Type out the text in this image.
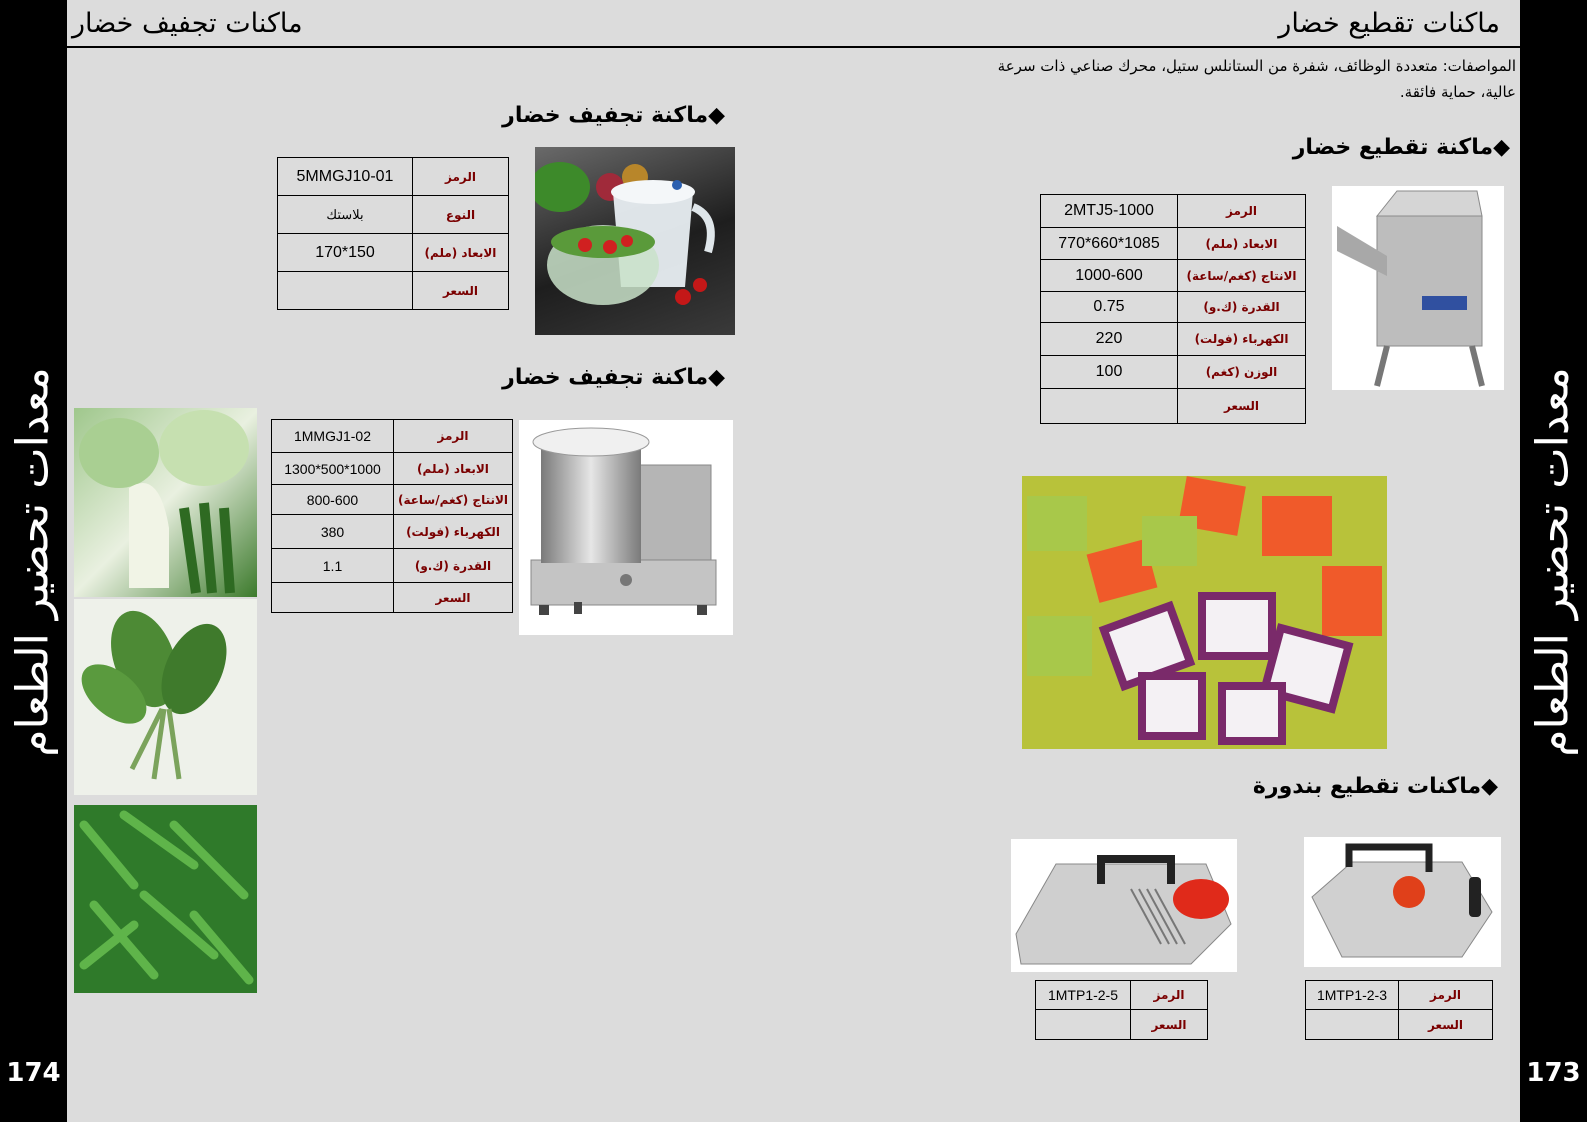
معدات تحضير الطعام
174
معدات تحضير الطعام
173
ماكنات تجفيف خضار	ماكنات تقطيع خضار
المواصفات: متعددة الوظائف، شفرة من الستانلس ستيل، محرك صناعي ذات سرعة
عالية، حماية فائقة.
◆ماكنة تجفيف خضار
5MMGJ10-01	الرمز
بلاستك	النوع
170*150	الابعاد (ملم)
	السعر
◆ماكنة تجفيف خضار
1MMGJ1-02	الرمز
1300*500*1000	الابعاد (ملم)
800-600	الانتاج (كغم/ساعة)
380	الكهرباء (فولت)
1.1	القدرة (ك.و)
	السعر
◆ماكنة تقطيع خضار
2MTJ5-1000	الرمز
770*660*1085	الابعاد (ملم)
1000-600	الانتاج (كغم/ساعة)
0.75	القدرة (ك.و)
220	الكهرباء (فولت)
100	الوزن (كغم)
	السعر
◆ماكنات تقطيع بندورة
1MTP1-2-5	الرمز
	السعر
1MTP1-2-3	الرمز
	السعر
